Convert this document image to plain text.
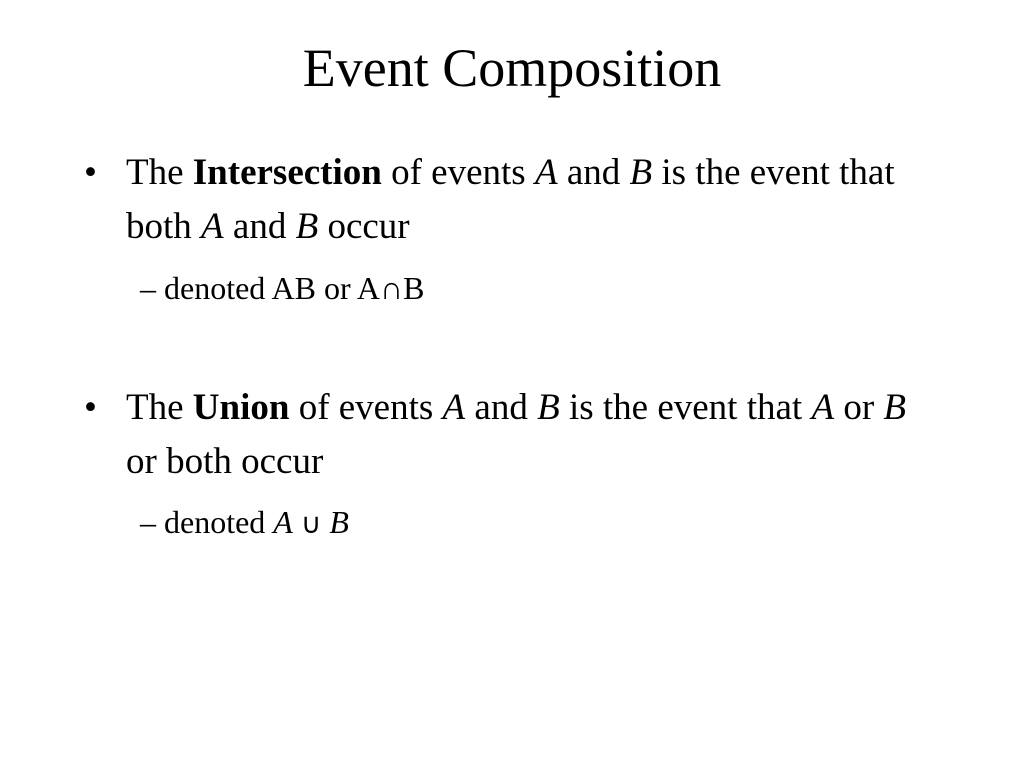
Event Composition
• The Intersection of events A and B is the event that both A and B occur
– denoted AB or A∩B
• The Union of events A and B is the event that A or B or both occur
– denoted A ∪ B
